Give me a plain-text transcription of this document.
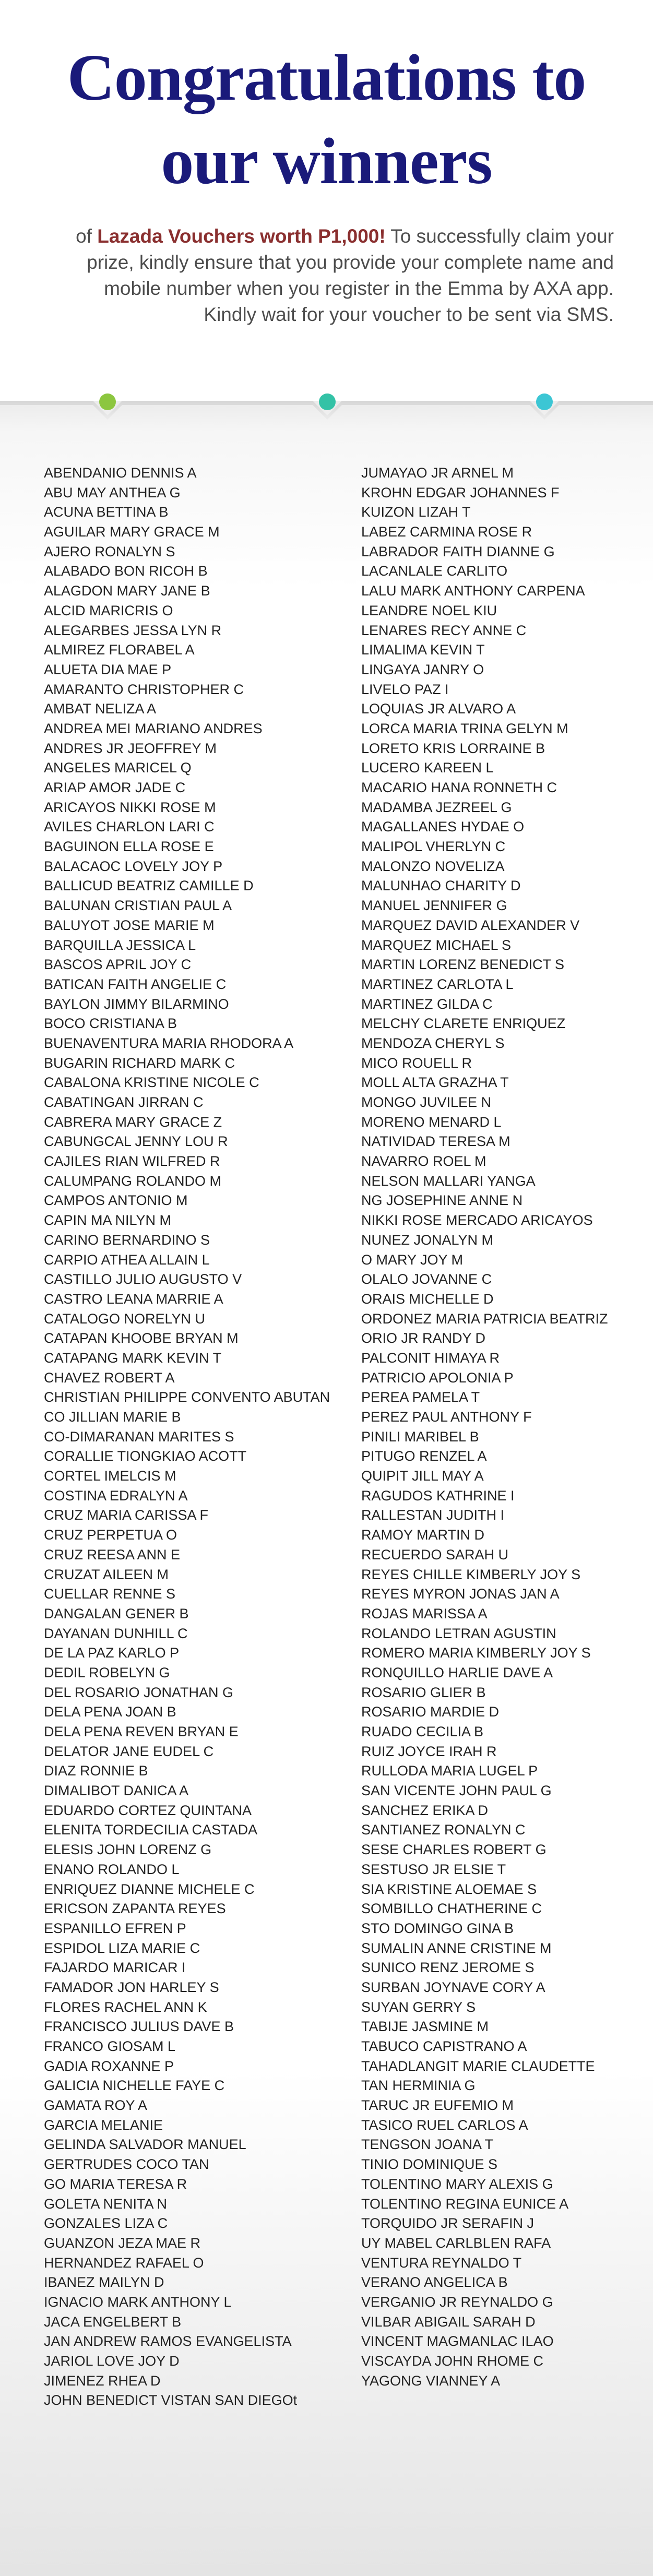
Congratulations to
our winners

of Lazada Vouchers worth P1,000! To successfully claim your prize, kindly ensure that you provide your complete name and mobile number when you register in the Emma by AXA app. Kindly wait for your voucher to be sent via SMS.

ABENDANIO DENNIS A
ABU MAY ANTHEA G
ACUNA BETTINA B
AGUILAR MARY GRACE M
AJERO RONALYN S
ALABADO BON RICOH B
ALAGDON MARY JANE B
ALCID MARICRIS O
ALEGARBES JESSA LYN R
ALMIREZ FLORABEL A
ALUETA DIA MAE P
AMARANTO CHRISTOPHER C
AMBAT NELIZA A
ANDREA MEI MARIANO ANDRES
ANDRES JR JEOFFREY M
ANGELES MARICEL Q
ARIAP AMOR JADE C
ARICAYOS NIKKI ROSE M
AVILES CHARLON LARI C
BAGUINON ELLA ROSE E
BALACAOC LOVELY JOY P
BALLICUD BEATRIZ CAMILLE D
BALUNAN CRISTIAN PAUL A
BALUYOT JOSE MARIE M
BARQUILLA JESSICA L
BASCOS APRIL JOY C
BATICAN FAITH ANGELIE C
BAYLON JIMMY BILARMINO
BOCO CRISTIANA B
BUENAVENTURA MARIA RHODORA A
BUGARIN RICHARD MARK C
CABALONA KRISTINE NICOLE C
CABATINGAN JIRRAN C
CABRERA MARY GRACE Z
CABUNGCAL JENNY LOU R
CAJILES RIAN WILFRED R
CALUMPANG ROLANDO M
CAMPOS ANTONIO M
CAPIN MA NILYN M
CARINO BERNARDINO S
CARPIO ATHEA ALLAIN L
CASTILLO JULIO AUGUSTO V
CASTRO LEANA MARRIE A
CATALOGO NORELYN U
CATAPAN KHOOBE BRYAN M
CATAPANG MARK KEVIN T
CHAVEZ ROBERT A
CHRISTIAN PHILIPPE CONVENTO ABUTAN
CO JILLIAN MARIE B
CO-DIMARANAN MARITES S
CORALLIE TIONGKIAO ACOTT
CORTEL IMELCIS M
COSTINA EDRALYN A
CRUZ MARIA CARISSA F
CRUZ PERPETUA O
CRUZ REESA ANN E
CRUZAT AILEEN M
CUELLAR RENNE S
DANGALAN GENER B
DAYANAN DUNHILL C
DE LA PAZ KARLO P
DEDIL ROBELYN G
DEL ROSARIO JONATHAN G
DELA PENA JOAN B
DELA PENA REVEN BRYAN E
DELATOR JANE EUDEL C
DIAZ RONNIE B
DIMALIBOT DANICA A
EDUARDO CORTEZ QUINTANA
ELENITA TORDECILIA CASTADA
ELESIS JOHN LORENZ G
ENANO ROLANDO L
ENRIQUEZ DIANNE MICHELE C
ERICSON ZAPANTA REYES
ESPANILLO EFREN P
ESPIDOL LIZA MARIE C
FAJARDO MARICAR I
FAMADOR JON HARLEY S
FLORES RACHEL ANN K
FRANCISCO JULIUS DAVE B
FRANCO GIOSAM L
GADIA ROXANNE P
GALICIA NICHELLE FAYE C
GAMATA ROY A
GARCIA MELANIE
GELINDA SALVADOR MANUEL
GERTRUDES COCO TAN
GO MARIA TERESA R
GOLETA NENITA N
GONZALES LIZA C
GUANZON JEZA MAE R
HERNANDEZ RAFAEL O
IBANEZ MAILYN D
IGNACIO MARK ANTHONY L
JACA ENGELBERT B
JAN ANDREW RAMOS EVANGELISTA
JARIOL LOVE JOY D
JIMENEZ RHEA D
JOHN BENEDICT VISTAN SAN DIEGOt
JUMAYAO JR ARNEL M
KROHN EDGAR JOHANNES F
KUIZON LIZAH T
LABEZ CARMINA ROSE R
LABRADOR FAITH DIANNE G
LACANLALE CARLITO
LALU MARK ANTHONY CARPENA
LEANDRE NOEL KIU
LENARES RECY ANNE C
LIMALIMA KEVIN T
LINGAYA JANRY O
LIVELO PAZ I
LOQUIAS JR ALVARO A
LORCA MARIA TRINA GELYN M
LORETO KRIS LORRAINE B
LUCERO KAREEN L
MACARIO HANA RONNETH C
MADAMBA JEZREEL G
MAGALLANES HYDAE O
MALIPOL VHERLYN C
MALONZO NOVELIZA
MALUNHAO CHARITY D
MANUEL JENNIFER G
MARQUEZ DAVID ALEXANDER V
MARQUEZ MICHAEL S
MARTIN LORENZ BENEDICT S
MARTINEZ CARLOTA L
MARTINEZ GILDA C
MELCHY CLARETE ENRIQUEZ
MENDOZA CHERYL S
MICO ROUELL R
MOLL ALTA GRAZHA T
MONGO JUVILEE N
MORENO MENARD L
NATIVIDAD TERESA M
NAVARRO ROEL M
NELSON MALLARI YANGA
NG JOSEPHINE ANNE N
NIKKI ROSE MERCADO ARICAYOS
NUNEZ JONALYN M
O MARY JOY M
OLALO JOVANNE C
ORAIS MICHELLE D
ORDONEZ MARIA PATRICIA BEATRIZ
ORIO JR RANDY D
PALCONIT HIMAYA R
PATRICIO APOLONIA P
PEREA PAMELA T
PEREZ PAUL ANTHONY F
PINILI MARIBEL B
PITUGO RENZEL A
QUIPIT JILL MAY A
RAGUDOS KATHRINE I
RALLESTAN JUDITH I
RAMOY MARTIN D
RECUERDO SARAH U
REYES CHILLE KIMBERLY JOY S
REYES MYRON JONAS JAN A
ROJAS MARISSA A
ROLANDO LETRAN AGUSTIN
ROMERO MARIA KIMBERLY JOY S
RONQUILLO HARLIE DAVE A
ROSARIO GLIER B
ROSARIO MARDIE D
RUADO CECILIA B
RUIZ JOYCE IRAH R
RULLODA MARIA LUGEL P
SAN VICENTE JOHN PAUL G
SANCHEZ ERIKA D
SANTIANEZ RONALYN C
SESE CHARLES ROBERT G
SESTUSO JR ELSIE T
SIA KRISTINE ALOEMAE S
SOMBILLO CHATHERINE C
STO DOMINGO GINA B
SUMALIN ANNE CRISTINE M
SUNICO RENZ JEROME S
SURBAN JOYNAVE CORY A
SUYAN GERRY S
TABIJE JASMINE M
TABUCO CAPISTRANO A
TAHADLANGIT MARIE CLAUDETTE
TAN HERMINIA G
TARUC JR EUFEMIO M
TASICO RUEL CARLOS A
TENGSON JOANA T
TINIO DOMINIQUE S
TOLENTINO MARY ALEXIS G
TOLENTINO REGINA EUNICE A
TORQUIDO JR SERAFIN J
UY MABEL CARLBLEN RAFA
VENTURA REYNALDO T
VERANO ANGELICA B
VERGANIO JR REYNALDO G
VILBAR ABIGAIL SARAH D
VINCENT MAGMANLAC ILAO
VISCAYDA JOHN RHOME C
YAGONG VIANNEY A
